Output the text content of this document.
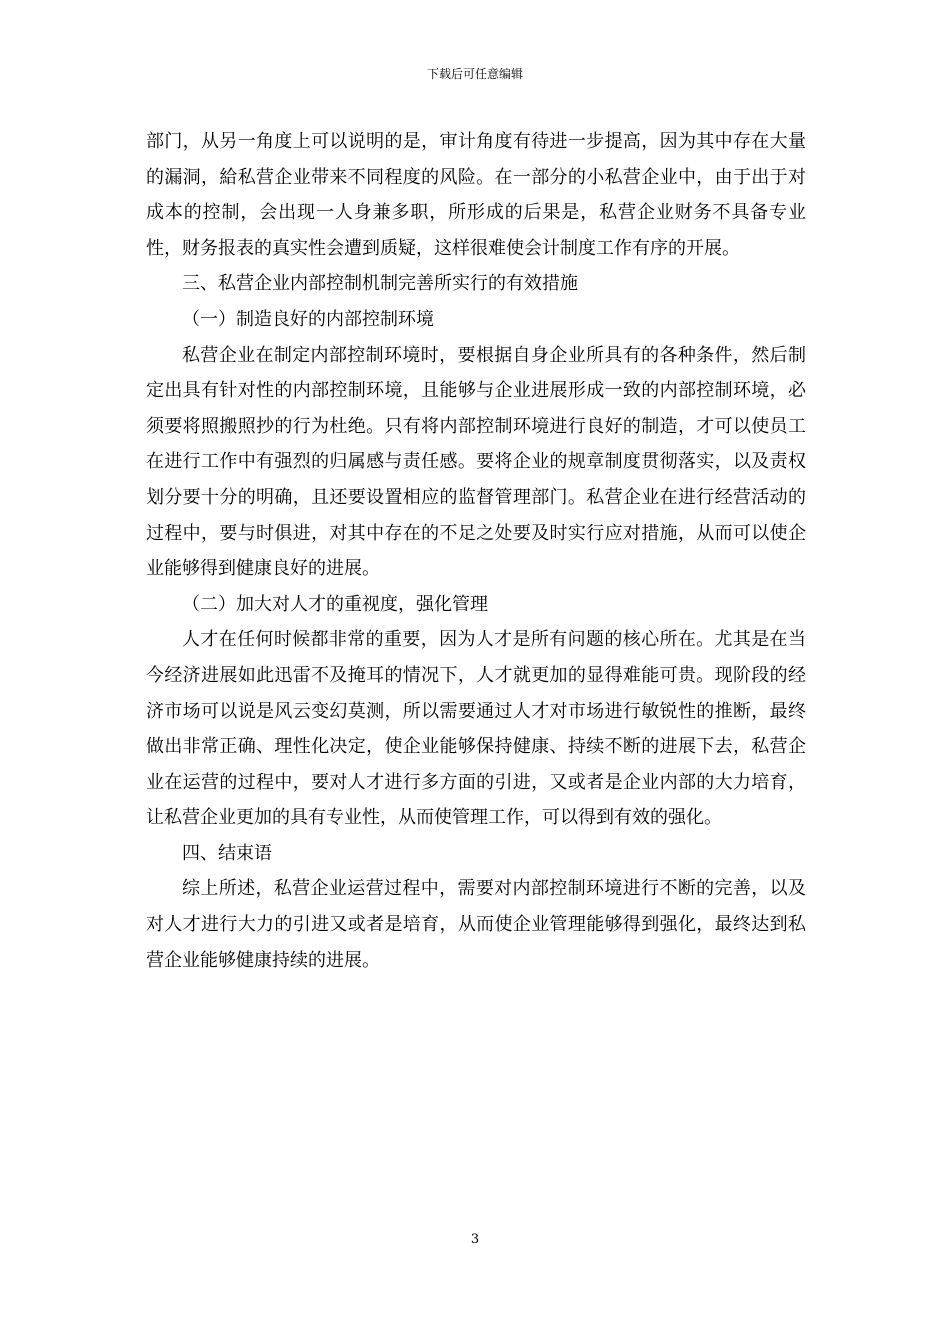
下载后可任意编辑

部门，从另一角度上可以说明的是，审计角度有待进一步提高，因为其中存在大量的漏洞，給私营企业带来不同程度的风险。在一部分的小私营企业中，由于出于对成本的控制，会出现一人身兼多职，所形成的后果是，私营企业财务不具备专业性，财务报表的真实性会遭到质疑，这样很难使会计制度工作有序的开展。

三、私营企业内部控制机制完善所实行的有效措施

（一）制造良好的内部控制环境

私营企业在制定内部控制环境时，要根据自身企业所具有的各种条件，然后制定出具有针对性的内部控制环境，且能够与企业进展形成一致的内部控制环境，必须要将照搬照抄的行为杜绝。只有将内部控制环境进行良好的制造，才可以使员工在进行工作中有强烈的归属感与责任感。要将企业的规章制度贯彻落实，以及责权划分要十分的明确，且还要设置相应的监督管理部门。私营企业在进行经营活动的过程中，要与时俱进，对其中存在的不足之处要及时实行应对措施，从而可以使企业能够得到健康良好的进展。

（二）加大对人才的重视度，强化管理

人才在任何时候都非常的重要，因为人才是所有问题的核心所在。尤其是在当今经济进展如此迅雷不及掩耳的情况下，人才就更加的显得难能可贵。现阶段的经济市场可以说是风云变幻莫测，所以需要通过人才对市场进行敏锐性的推断，最终做出非常正确、理性化决定，使企业能够保持健康、持续不断的进展下去，私营企业在运营的过程中，要对人才进行多方面的引进，又或者是企业内部的大力培育，让私营企业更加的具有专业性，从而使管理工作，可以得到有效的强化。

四、结束语

综上所述，私营企业运营过程中，需要对内部控制环境进行不断的完善，以及对人才进行大力的引进又或者是培育，从而使企业管理能够得到强化，最终达到私营企业能够健康持续的进展。

3
